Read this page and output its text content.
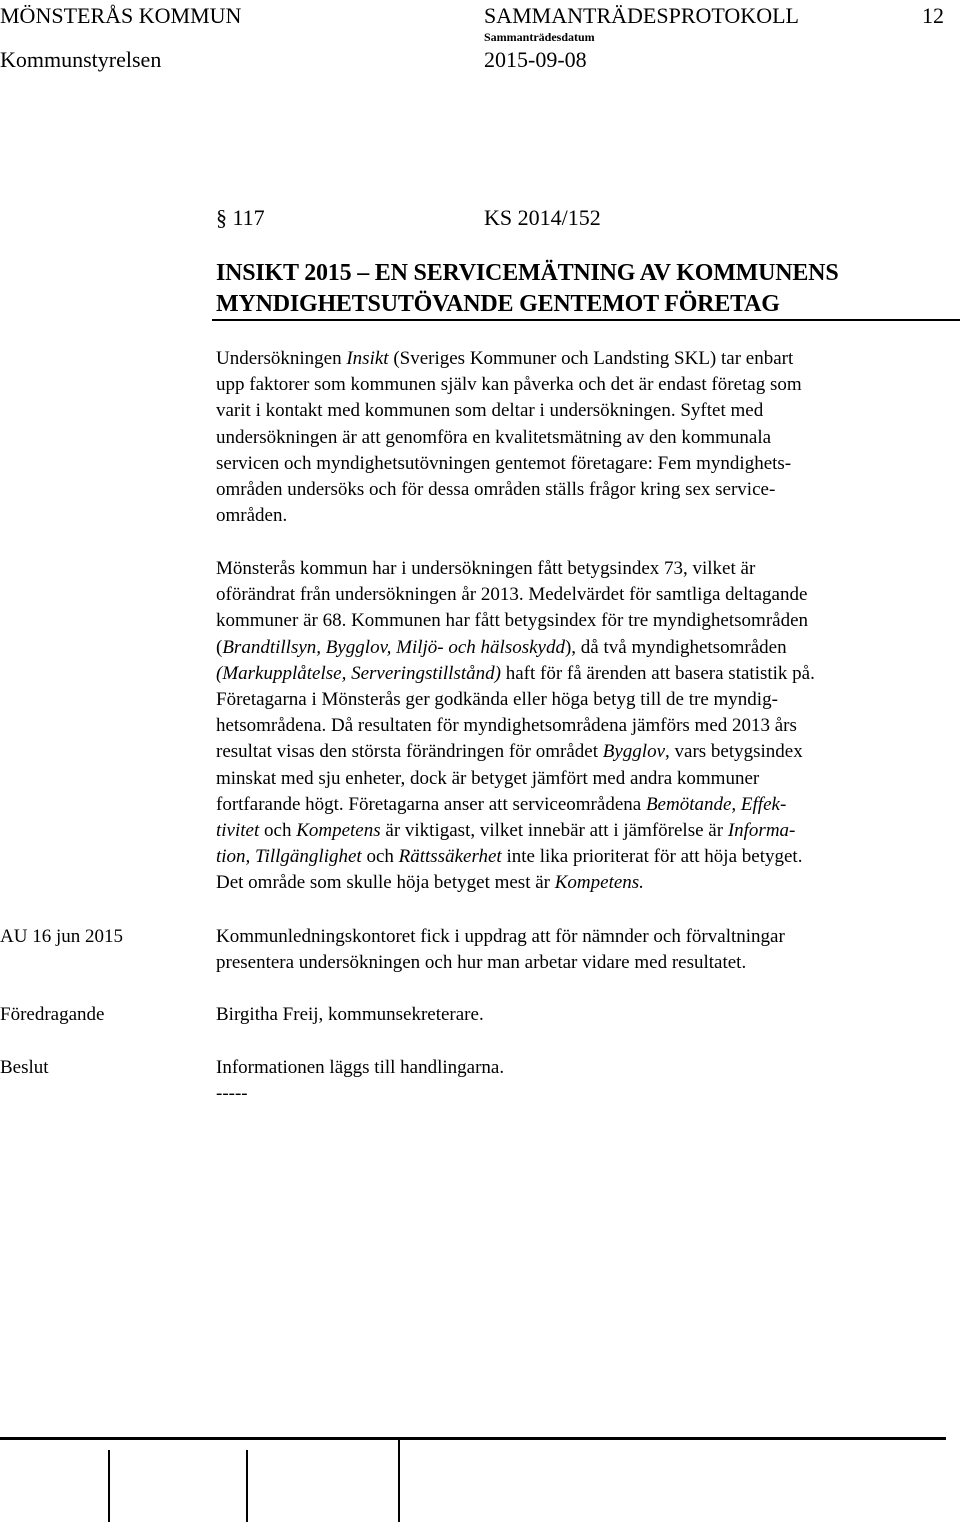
MÖNSTERÅS KOMMUN	SAMMANTRÄDESPROTOKOLL	12
Sammanträdesdatum
Kommunstyrelsen	2015-09-08
§ 117	KS 2014/152
INSIKT 2015 – EN SERVICEMÄTNING AV KOMMUNENS
MYNDIGHETSUTÖVANDE GENTEMOT FÖRETAG
Undersökningen Insikt (Sveriges Kommuner och Landsting SKL) tar enbart
upp faktorer som kommunen själv kan påverka och det är endast företag som
varit i kontakt med kommunen som deltar i undersökningen. Syftet med
undersökningen är att genomföra en kvalitetsmätning av den kommunala
servicen och myndighetsutövningen gentemot företagare: Fem myndighets-
områden undersöks och för dessa områden ställs frågor kring sex service-
områden.
Mönsterås kommun har i undersökningen fått betygsindex 73, vilket är
oförändrat från undersökningen år 2013. Medelvärdet för samtliga deltagande
kommuner är 68. Kommunen har fått betygsindex för tre myndighetsområden
(Brandtillsyn, Bygglov, Miljö- och hälsoskydd), då två myndighetsområden
(Markupplåtelse, Serveringstillstånd) haft för få ärenden att basera statistik på.
Företagarna i Mönsterås ger godkända eller höga betyg till de tre myndig-
hetsområdena. Då resultaten för myndighetsområdena jämförs med 2013 års
resultat visas den största förändringen för området Bygglov, vars betygsindex
minskat med sju enheter, dock är betyget jämfört med andra kommuner
fortfarande högt. Företagarna anser att serviceområdena Bemötande, Effek-
tivitet och Kompetens är viktigast, vilket innebär att i jämförelse är Informa-
tion, Tillgänglighet och Rättssäkerhet inte lika prioriterat för att höja betyget.
Det område som skulle höja betyget mest är Kompetens.
AU 16 jun 2015	Kommunledningskontoret fick i uppdrag att för nämnder och förvaltningar
presentera undersökningen och hur man arbetar vidare med resultatet.
Föredragande	Birgitha Freij, kommunsekreterare.
Beslut	Informationen läggs till handlingarna.
-----
